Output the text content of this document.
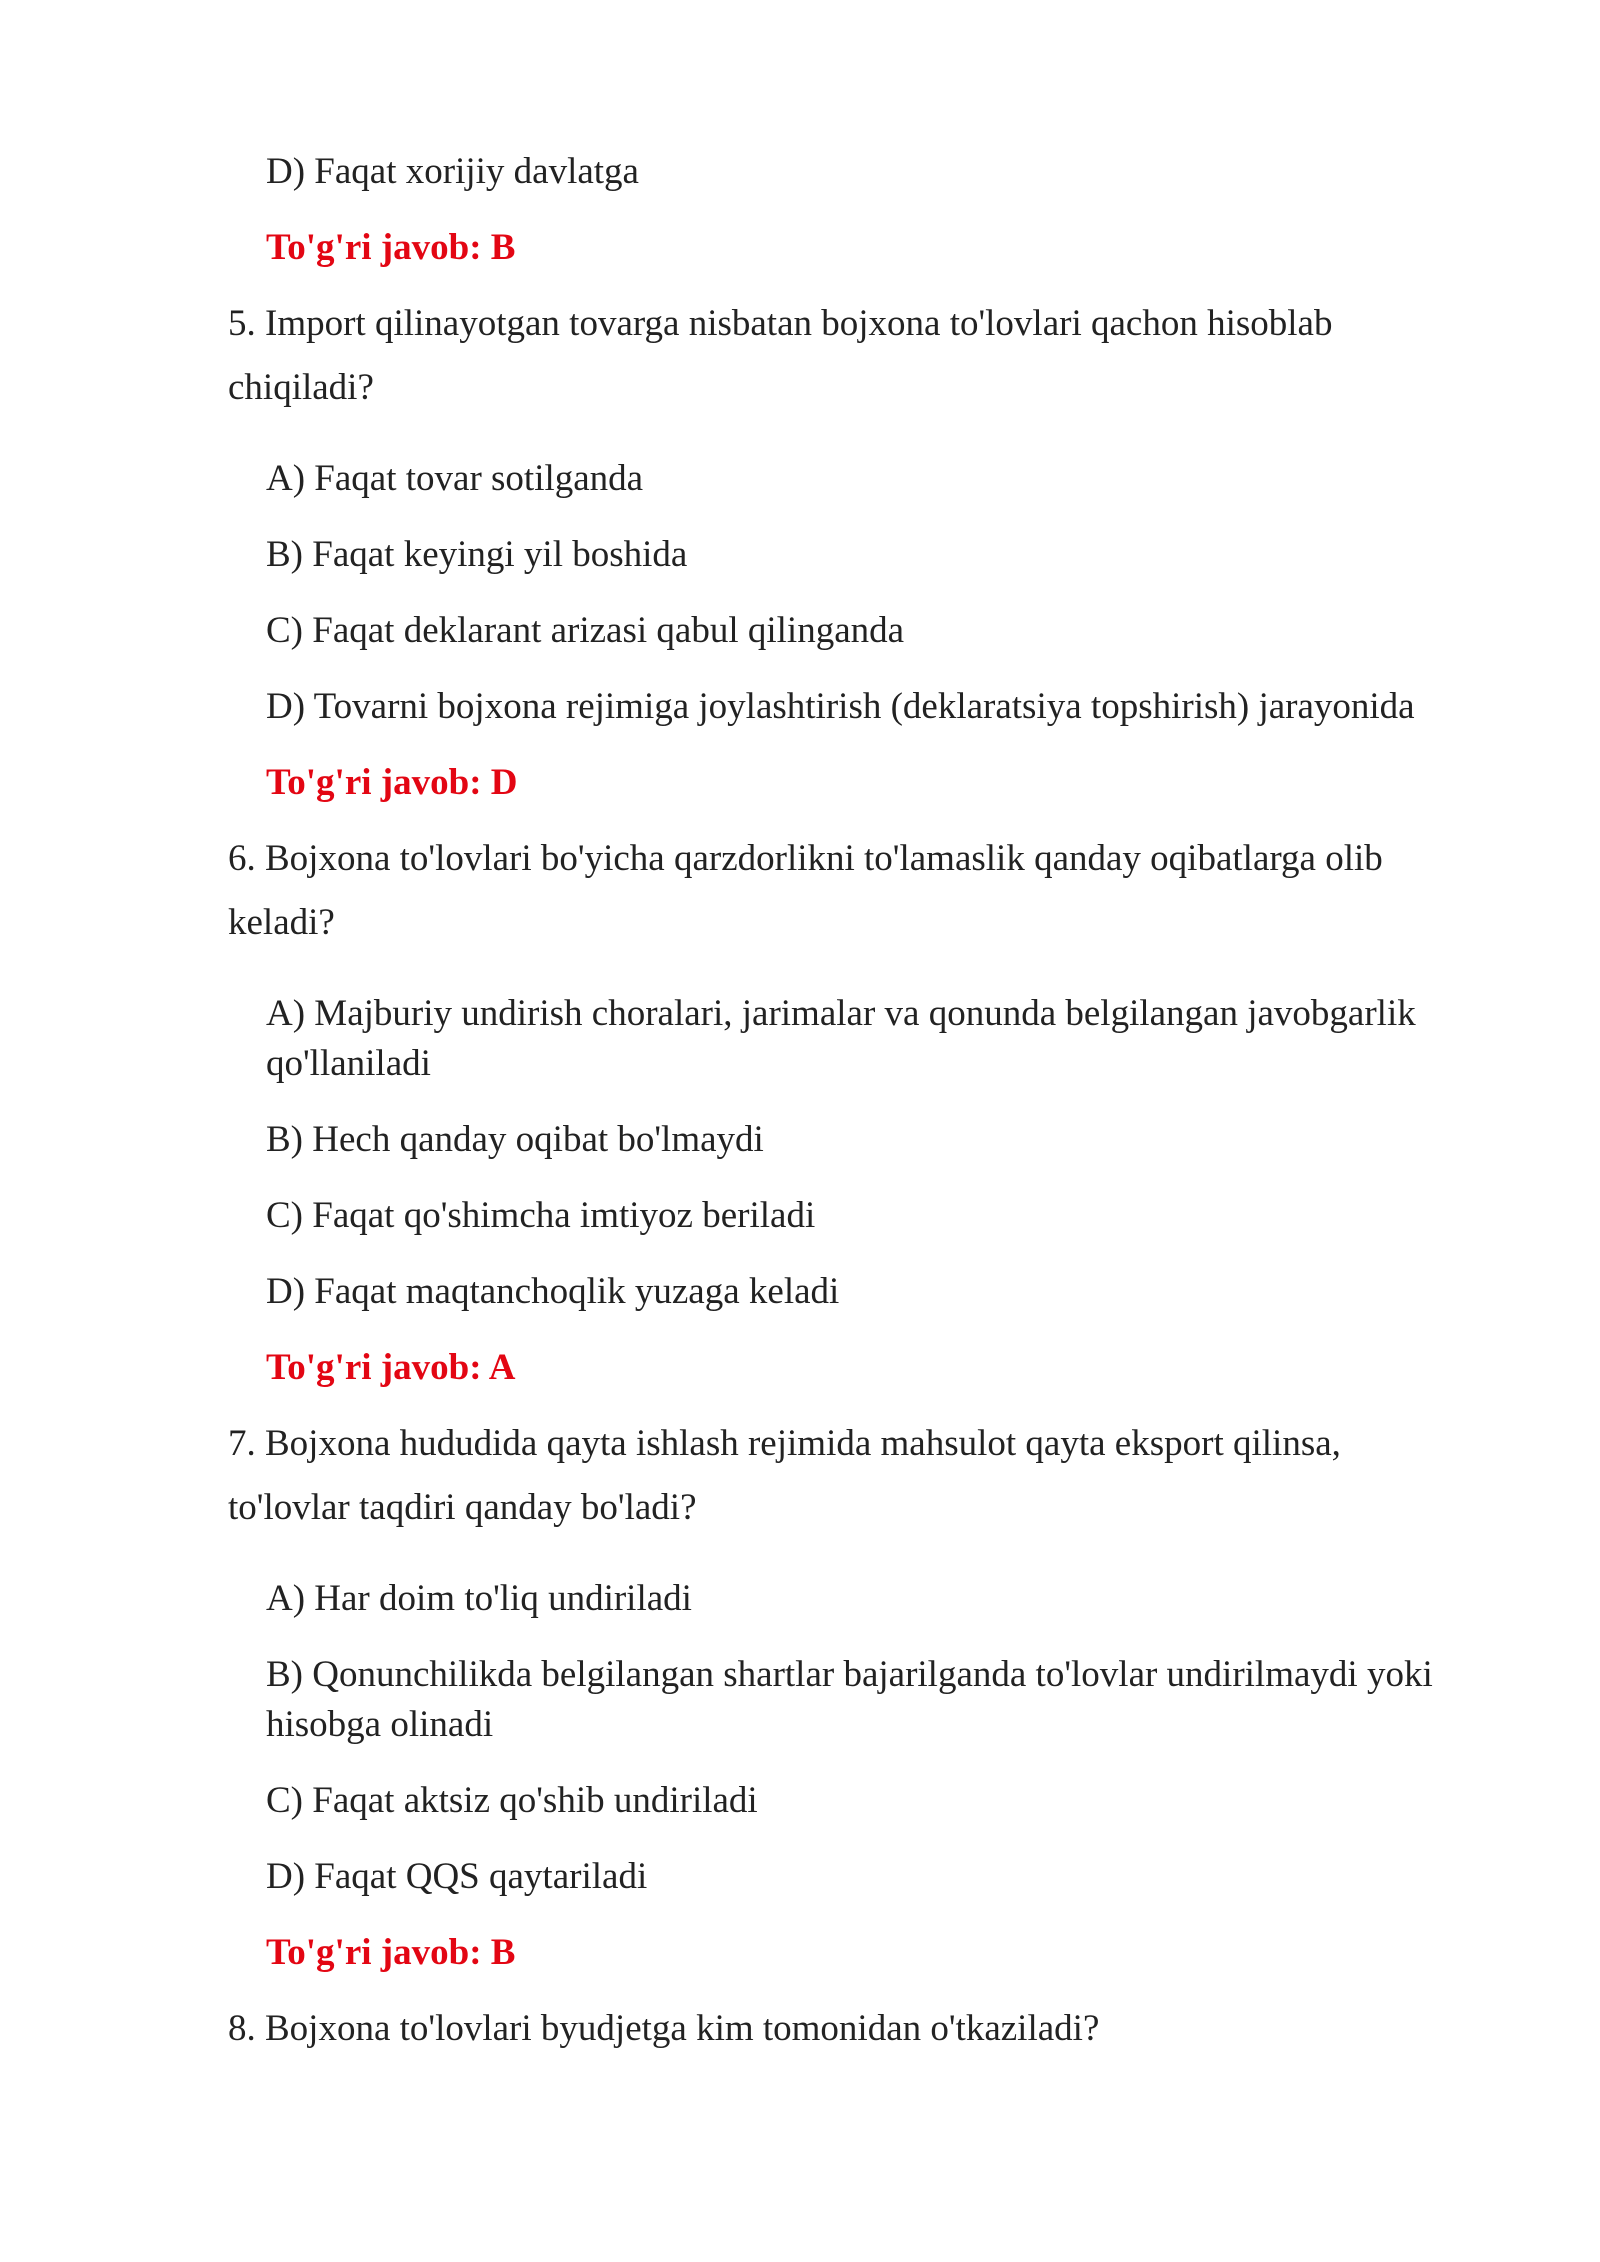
D) Faqat xorijiy davlatga
To'g'ri javob: B
5. Import qilinayotgan tovarga nisbatan bojxona to'lovlari qachon hisoblab
chiqiladi?
A) Faqat tovar sotilganda
B) Faqat keyingi yil boshida
C) Faqat deklarant arizasi qabul qilinganda
D) Tovarni bojxona rejimiga joylashtirish (deklaratsiya topshirish) jarayonida
To'g'ri javob: D
6. Bojxona to'lovlari bo'yicha qarzdorlikni to'lamaslik qanday oqibatlarga olib
keladi?
A) Majburiy undirish choralari, jarimalar va qonunda belgilangan javobgarlik
qo'llaniladi
B) Hech qanday oqibat bo'lmaydi
C) Faqat qo'shimcha imtiyoz beriladi
D) Faqat maqtanchoqlik yuzaga keladi
To'g'ri javob: A
7. Bojxona hududida qayta ishlash rejimida mahsulot qayta eksport qilinsa,
to'lovlar taqdiri qanday bo'ladi?
A) Har doim to'liq undiriladi
B) Qonunchilikda belgilangan shartlar bajarilganda to'lovlar undirilmaydi yoki
hisobga olinadi
C) Faqat aktsiz qo'shib undiriladi
D) Faqat QQS qaytariladi
To'g'ri javob: B
8. Bojxona to'lovlari byudjetga kim tomonidan o'tkaziladi?
